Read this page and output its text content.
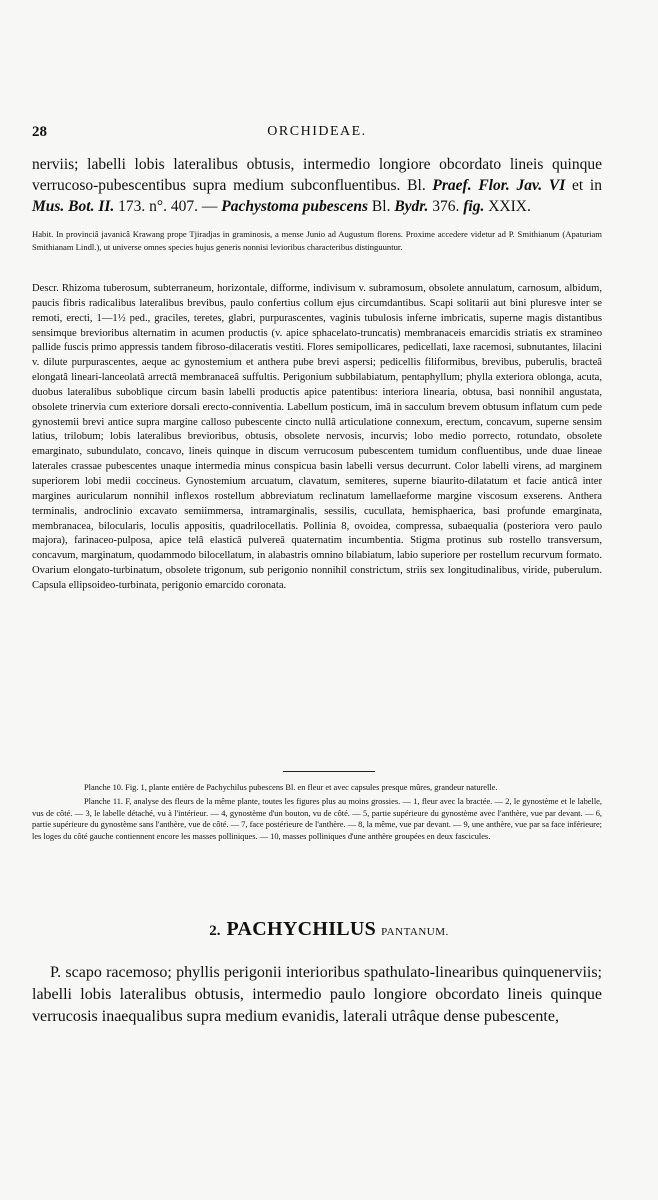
28	ORCHIDEAE.

nerviis; labelli lobis lateralibus obtusis, intermedio longiore obcordato lineis quinque verrucoso-pubescentibus supra medium subconfluentibus. Bl. Praef. Flor. Jav. VI et in Mus. Bot. II. 173. n°. 407. — Pachystoma pubescens Bl. Bydr. 376. fig. XXIX.

Habit. In provinciâ javanicâ Krawang prope Tjiradjas in graminosis, a mense Junio ad Augustum florens. Proxime accedere videtur ad P. Smithianum (Apaturiam Smithianam Lindl.), ut universe omnes species hujus generis nonnisi levioribus characteribus distinguuntur.

Descr. Rhizoma tuberosum, subterraneum, horizontale, difforme, indivisum v. subramosum, obsolete annulatum, carnosum, albidum, paucis fibris radicalibus lateralibus brevibus, paulo confertius collum ejus circumdantibus. Scapi solitarii aut bini pluresve inter se remoti, erecti, 1—1½ ped., graciles, teretes, glabri, purpurascentes, vaginis tubulosis inferne imbricatis, superne magis distantibus sensimque brevioribus alternatim in acumen productis (v. apice sphacelato-truncatis) membranaceis emarcidis striatis ex stramineo pallide fuscis primo appressis tandem fibroso-dilaceratis vestiti. Flores semipollicares, pedicellati, laxe racemosi, subnutantes, lilacini v. dilute purpurascentes, aeque ac gynostemium et anthera pube brevi aspersi; pedicellis filiformibus, brevibus, puberulis, bracteâ elongatâ lineari-lanceolatâ arrectâ membranaceâ suffultis. Perigonium subbilabiatum, pentaphyllum; phylla exteriora oblonga, acuta, duobus lateralibus suboblique circum basin labelli productis apice patentibus: interiora linearia, obtusa, basi nonnihil angustata, obsolete trinervia cum exteriore dorsali erecto-conniventia. Labellum posticum, imâ in sacculum brevem obtusum inflatum cum pede gynostemii brevi antice supra margine calloso pubescente cincto nullâ articulatione connexum, erectum, concavum, superne sensim latius, trilobum; lobis lateralibus brevioribus, obtusis, obsolete nervosis, incurvis; lobo medio porrecto, rotundato, obsolete emarginato, subundulato, concavo, lineis quinque in discum verrucosum pubescentem tumidum confluentibus, unde duae lineae laterales crassae pubescentes unaque intermedia minus conspicua basin labelli versus decurrunt. Color labelli virens, ad marginem superiorem lobi medii coccineus. Gynostemium arcuatum, clavatum, semiteres, superne biaurito-dilatatum et facie anticâ inter margines auricularum nonnihil inflexos rostellum abbreviatum reclinatum lamellaeforme margine viscosum exserens. Anthera terminalis, androclinio excavato semiimmersa, intramarginalis, sessilis, cucullata, hemisphaerica, basi profunde emarginata, membranacea, bilocularis, loculis appositis, quadrilocellatis. Pollinia 8, ovoidea, compressa, subaequalia (posteriora vero paulo majora), farinaceo-pulposa, apice telâ elasticâ pulvereâ quaternatim incumbentia. Stigma protinus sub rostello transversum, concavum, marginatum, quodammodo bilocellatum, in alabastris omnino bilabiatum, labio superiore per rostellum recurvum formato. Ovarium elongato-turbinatum, obsolete trigonum, sub perigonio nonnihil constrictum, striis sex longitudinalibus, viride, puberulum. Capsula ellipsoideo-turbinata, perigonio emarcido coronata.

Planche 10. Fig. 1, plante entière de Pachychilus pubescens Bl. en fleur et avec capsules presque mûres, grandeur naturelle.

Planche 11. F, analyse des fleurs de la même plante, toutes les figures plus au moins grossies. — 1, fleur avec la bractée. — 2, le gynostème et le labelle, vus de côté. — 3, le labelle détaché, vu à l'intérieur. — 4, gynostème d'un bouton, vu de côté. — 5, partie supérieure du gynostème avec l'anthère, vue par devant. — 6, partie supérieure du gynostème sans l'anthère, vue de côté. — 7, face postérieure de l'anthère. — 8, la même, vue par devant. — 9, une anthère, vue par sa face inférieure; les loges du côté gauche contiennent encore les masses polliniques. — 10, masses polliniques d'une anthère groupées en deux fascicules.

2. PACHYCHILUS PANTANUM.

P. scapo racemoso; phyllis perigonii interioribus spathulato-linearibus quinquenerviis; labelli lobis lateralibus obtusis, intermedio paulo longiore obcordato lineis quinque verrucosis inaequalibus supra medium evanidis, laterali utrâque dense pubescente,
